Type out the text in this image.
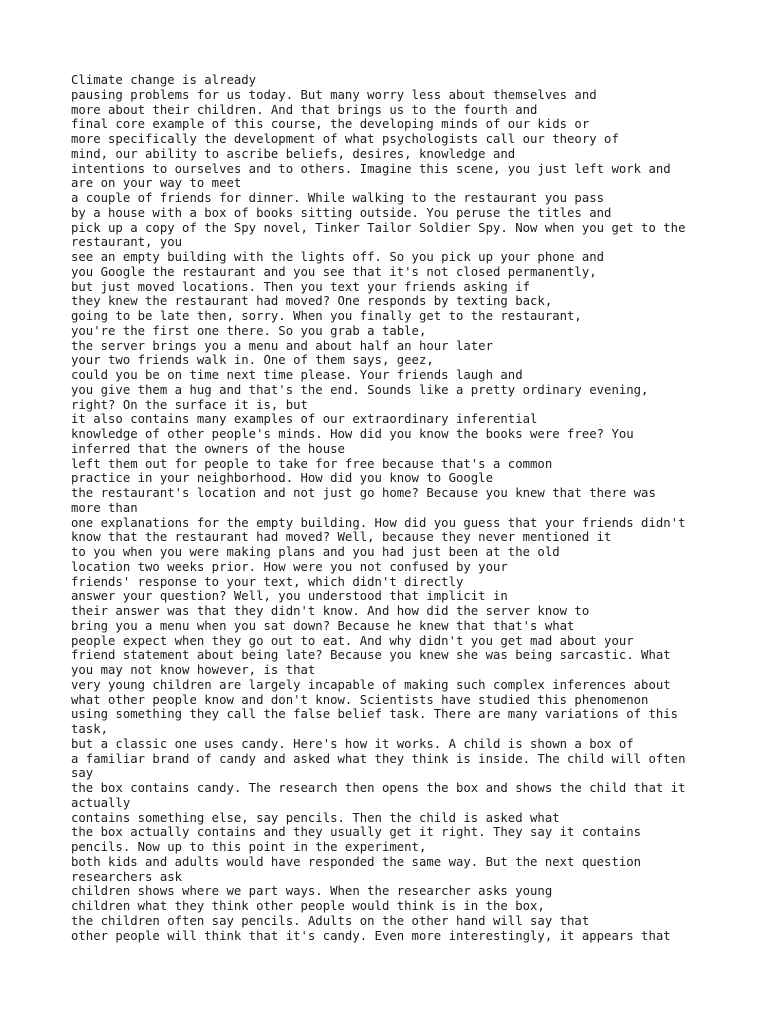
Climate change is already
pausing problems for us today. But many worry less about themselves and
more about their children. And that brings us to the fourth and
final core example of this course, the developing minds of our kids or
more specifically the development of what psychologists call our theory of
mind, our ability to ascribe beliefs, desires, knowledge and
intentions to ourselves and to others. Imagine this scene, you just left work and
are on your way to meet
a couple of friends for dinner. While walking to the restaurant you pass
by a house with a box of books sitting outside. You peruse the titles and
pick up a copy of the Spy novel, Tinker Tailor Soldier Spy. Now when you get to the
restaurant, you
see an empty building with the lights off. So you pick up your phone and
you Google the restaurant and you see that it's not closed permanently,
but just moved locations. Then you text your friends asking if
they knew the restaurant had moved? One responds by texting back,
going to be late then, sorry. When you finally get to the restaurant,
you're the first one there. So you grab a table,
the server brings you a menu and about half an hour later
your two friends walk in. One of them says, geez,
could you be on time next time please. Your friends laugh and
you give them a hug and that's the end. Sounds like a pretty ordinary evening,
right? On the surface it is, but
it also contains many examples of our extraordinary inferential
knowledge of other people's minds. How did you know the books were free? You
inferred that the owners of the house
left them out for people to take for free because that's a common
practice in your neighborhood. How did you know to Google
the restaurant's location and not just go home? Because you knew that there was
more than
one explanations for the empty building. How did you guess that your friends didn't
know that the restaurant had moved? Well, because they never mentioned it
to you when you were making plans and you had just been at the old
location two weeks prior. How were you not confused by your
friends' response to your text, which didn't directly
answer your question? Well, you understood that implicit in
their answer was that they didn't know. And how did the server know to
bring you a menu when you sat down? Because he knew that that's what
people expect when they go out to eat. And why didn't you get mad about your
friend statement about being late? Because you knew she was being sarcastic. What
you may not know however, is that
very young children are largely incapable of making such complex inferences about
what other people know and don't know. Scientists have studied this phenomenon
using something they call the false belief task. There are many variations of this
task,
but a classic one uses candy. Here's how it works. A child is shown a box of
a familiar brand of candy and asked what they think is inside. The child will often
say
the box contains candy. The research then opens the box and shows the child that it
actually
contains something else, say pencils. Then the child is asked what
the box actually contains and they usually get it right. They say it contains
pencils. Now up to this point in the experiment,
both kids and adults would have responded the same way. But the next question
researchers ask
children shows where we part ways. When the researcher asks young
children what they think other people would think is in the box,
the children often say pencils. Adults on the other hand will say that
other people will think that it's candy. Even more interestingly, it appears that
